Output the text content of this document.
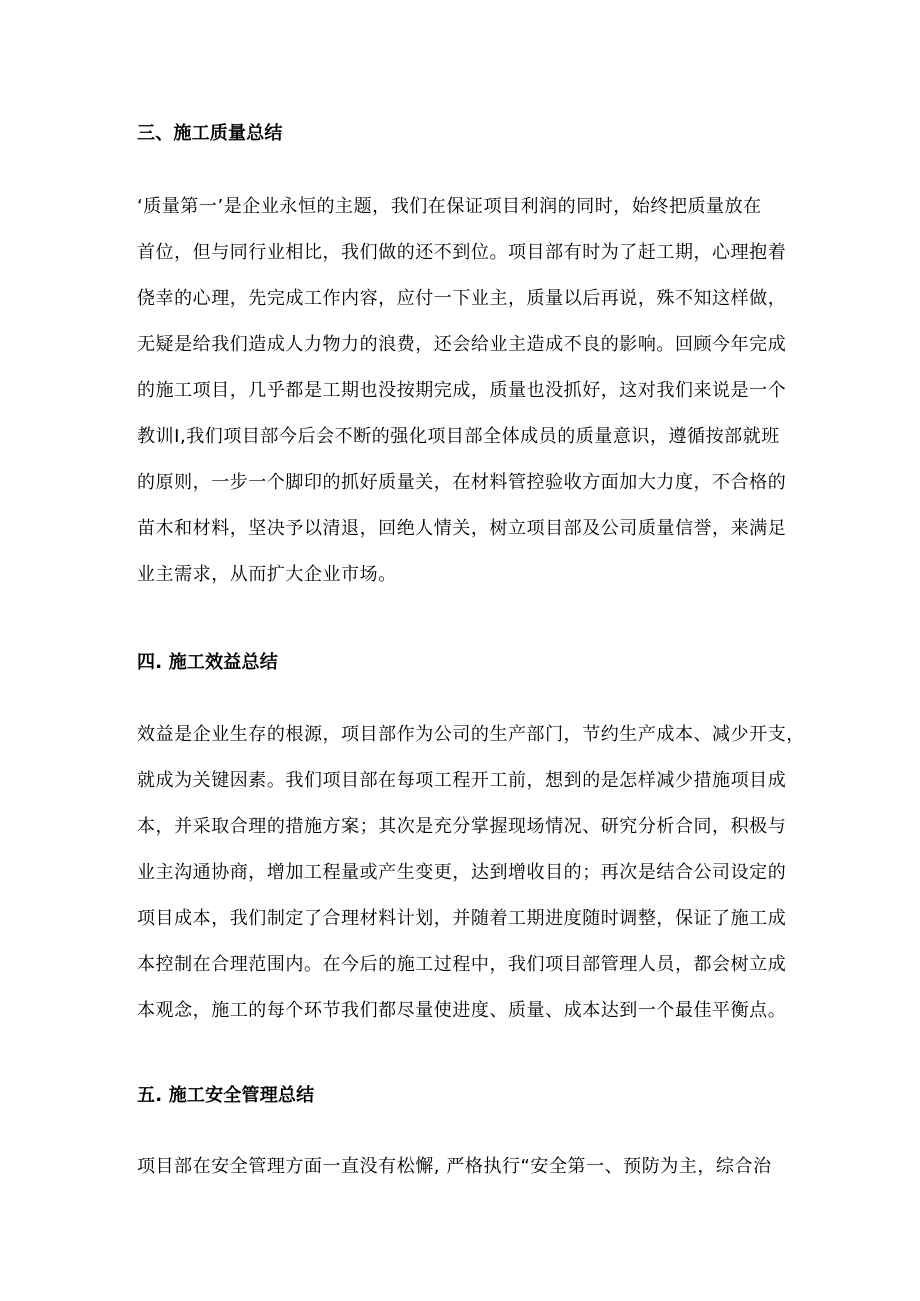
三、施工质量总结
‘质量第一’是企业永恒的主题，我们在保证项目利润的同时，始终把质量放在
首位，但与同行业相比，我们做的还不到位。项目部有时为了赶工期，心理抱着
侥幸的心理，先完成工作内容，应付一下业主，质量以后再说，殊不知这样做，
无疑是给我们造成人力物力的浪费，还会给业主造成不良的影响。回顾今年完成
的施工项目，几乎都是工期也没按期完成，质量也没抓好，这对我们来说是一个
教训Ⅰ,我们项目部今后会不断的强化项目部全体成员的质量意识，遵循按部就班
的原则，一步一个脚印的抓好质量关，在材料管控验收方面加大力度，不合格的
苗木和材料，坚决予以清退，回绝人情关，树立项目部及公司质量信誉，来满足
业主需求，从而扩大企业市场。
四. 施工效益总结
效益是企业生存的根源，项目部作为公司的生产部门，节约生产成本、减少开支，
就成为关键因素。我们项目部在每项工程开工前，想到的是怎样减少措施项目成
本，并采取合理的措施方案；其次是充分掌握现场情况、研究分析合同，积极与
业主沟通协商，增加工程量或产生变更，达到增收目的；再次是结合公司设定的
项目成本，我们制定了合理材料计划，并随着工期进度随时调整，保证了施工成
本控制在合理范围内。在今后的施工过程中，我们项目部管理人员，都会树立成
本观念，施工的每个环节我们都尽量使进度、质量、成本达到一个最佳平衡点。
五. 施工安全管理总结
项目部在安全管理方面一直没有松懈, 严格执行“安全第一、预防为主，综合治
